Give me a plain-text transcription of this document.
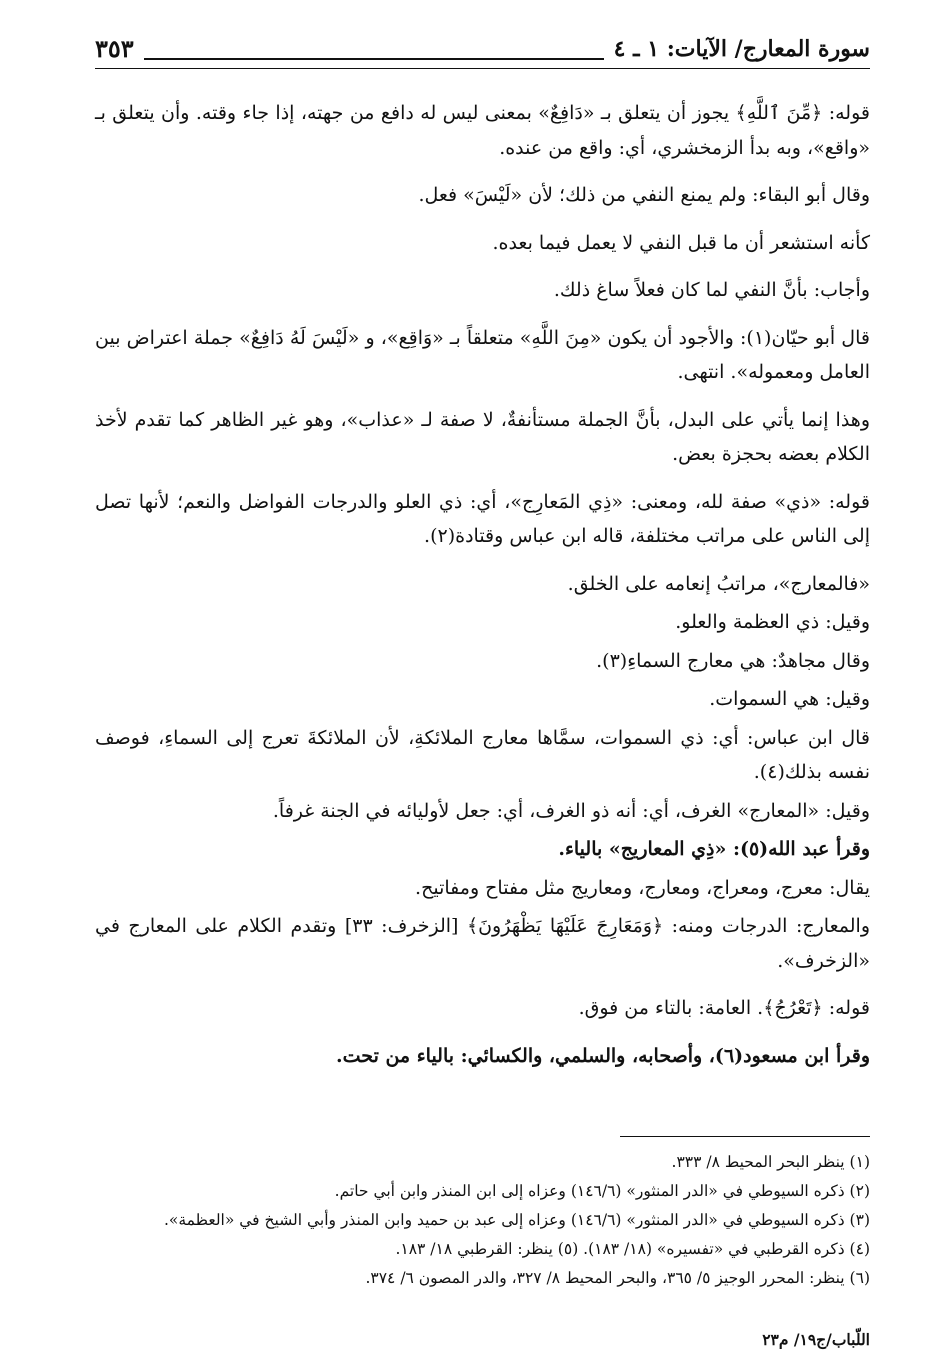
سورة المعارج/ الآيات: ١ ـ ٤
٣٥٣

قوله: ﴿مِّنَ ٱللَّهِ﴾ يجوز أن يتعلق بـ «دَافِعٌ» بمعنى ليس له دافع من جهته، إذا جاء وقته. وأن يتعلق بـ «واقع»، وبه بدأ الزمخشري، أي: واقع من عنده.

وقال أبو البقاء: ولم يمنع النفي من ذلك؛ لأن «لَيْسَ» فعل.

كأنه استشعر أن ما قبل النفي لا يعمل فيما بعده.

وأجاب: بأنَّ النفي لما كان فعلاً ساغ ذلك.

قال أبو حيّان(١): والأجود أن يكون «مِنَ اللَّهِ» متعلقاً بـ «وَاقِع»، و «لَيْسَ لَهُ دَافِعٌ» جملة اعتراض بين العامل ومعموله». انتهى.

وهذا إنما يأتي على البدل، بأنَّ الجملة مستأنفةٌ، لا صفة لـ «عذاب»، وهو غير الظاهر كما تقدم لأخذ الكلام بعضه بحجزة بعض.

قوله: «ذي» صفة لله، ومعنى: «ذِي المَعارِج»، أي: ذي العلو والدرجات الفواضل والنعم؛ لأنها تصل إلى الناس على مراتب مختلفة، قاله ابن عباس وقتادة(٢).

«فالمعارج»، مراتبُ إنعامه على الخلق.

وقيل: ذي العظمة والعلو.

وقال مجاهدٌ: هي معارج السماءِ(٣).

وقيل: هي السموات.

قال ابن عباس: أي: ذي السموات، سمَّاها معارج الملائكةِ، لأن الملائكةَ تعرج إلى السماءِ، فوصف نفسه بذلك(٤).

وقيل: «المعارج» الغرف، أي: أنه ذو الغرف، أي: جعل لأوليائه في الجنة غرفاً.

وقرأ عبد الله(٥): «ذِي المعاريج» بالياء.

يقال: معرج، ومعراج، ومعارج، ومعاريج مثل مفتاح ومفاتيح.

والمعارج: الدرجات ومنه: ﴿وَمَعَارِجَ عَلَيْهَا يَظْهَرُونَ﴾ [الزخرف: ٣٣] وتقدم الكلام على المعارج في «الزخرف».

قوله: ﴿تَعْرُجُ﴾. العامة: بالتاء من فوق.

وقرأ ابن مسعود(٦)، وأصحابه، والسلمي، والكسائي: بالياء من تحت.

(١) ينظر البحر المحيط ٨/ ٣٣٣.

(٢) ذكره السيوطي في «الدر المنثور» (١٤٦/٦) وعزاه إلى ابن المنذر وابن أبي حاتم.

(٣) ذكره السيوطي في «الدر المنثور» (١٤٦/٦) وعزاه إلى عبد بن حميد وابن المنذر وأبي الشيخ في «العظمة».

(٤) ذكره القرطبي في «تفسيره» (١٨/ ١٨٣). (٥) ينظر: القرطبي ١٨/ ١٨٣.

(٦) ينظر: المحرر الوجيز ٥/ ٣٦٥، والبحر المحيط ٨/ ٣٢٧، والدر المصون ٦/ ٣٧٤.

اللّباب/ج١٩/ م٢٣
